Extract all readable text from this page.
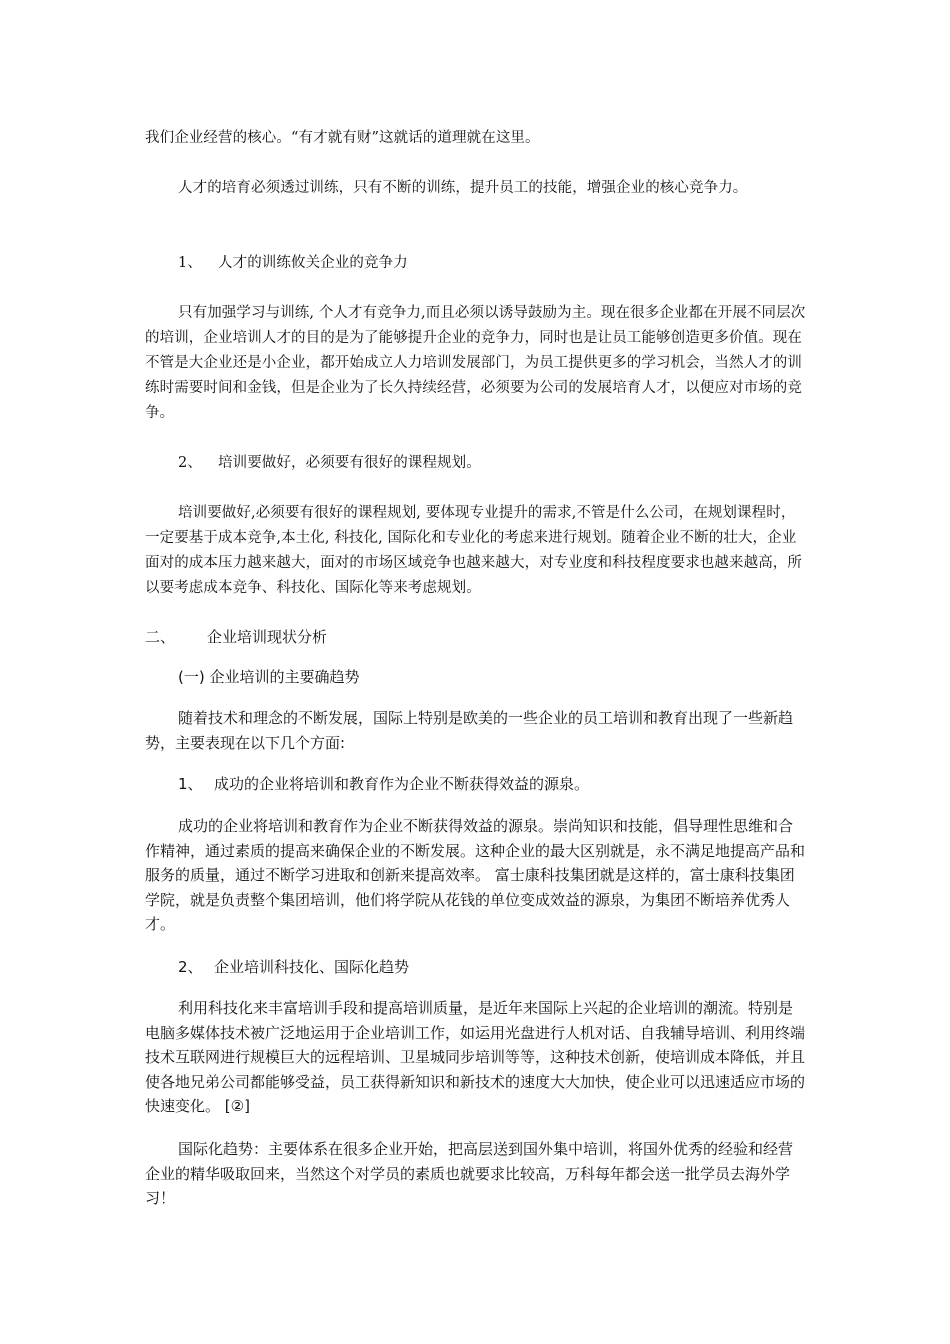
我们企业经营的核心。“有才就有财”这就话的道理就在这里。

人才的培育必须透过训练，只有不断的训练，提升员工的技能，增强企业的核心竞争力。

1、 人才的训练攸关企业的竞争力

只有加强学习与训练, 个人才有竞争力,而且必须以诱导鼓励为主。现在很多企业都在开展不同层次的培训，企业培训人才的目的是为了能够提升企业的竞争力，同时也是让员工能够创造更多价值。现在不管是大企业还是小企业，都开始成立人力培训发展部门，为员工提供更多的学习机会，当然人才的训练时需要时间和金钱，但是企业为了长久持续经营，必须要为公司的发展培育人才，以便应对市场的竞争。

2、 培训要做好，必须要有很好的课程规划。

培训要做好,必须要有很好的课程规划, 要体现专业提升的需求,不管是什么公司，在规划课程时，一定要基于成本竞争,本土化, 科技化, 国际化和专业化的考虑来进行规划。随着企业不断的壮大，企业面对的成本压力越来越大，面对的市场区域竞争也越来越大，对专业度和科技程度要求也越来越高，所以要考虑成本竞争、科技化、国际化等来考虑规划。

二、 企业培训现状分析

(一) 企业培训的主要确趋势

随着技术和理念的不断发展，国际上特别是欧美的一些企业的员工培训和教育出现了一些新趋势，主要表现在以下几个方面:

1、 成功的企业将培训和教育作为企业不断获得效益的源泉。

成功的企业将培训和教育作为企业不断获得效益的源泉。崇尚知识和技能，倡导理性思维和合作精神，通过素质的提高来确保企业的不断发展。这种企业的最大区别就是，永不满足地提高产品和服务的质量，通过不断学习进取和创新来提高效率。 富士康科技集团就是这样的，富士康科技集团学院，就是负责整个集团培训，他们将学院从花钱的单位变成效益的源泉，为集团不断培养优秀人才。

2、 企业培训科技化、国际化趋势

利用科技化来丰富培训手段和提高培训质量，是近年来国际上兴起的企业培训的潮流。特别是电脑多媒体技术被广泛地运用于企业培训工作，如运用光盘进行人机对话、自我辅导培训、利用终端技术互联网进行规模巨大的远程培训、卫星城同步培训等等，这种技术创新，使培训成本降低，并且使各地兄弟公司都能够受益，员工获得新知识和新技术的速度大大加快，使企业可以迅速适应市场的快速变化。 [②]

国际化趋势：主要体系在很多企业开始，把高层送到国外集中培训，将国外优秀的经验和经营企业的精华吸取回来，当然这个对学员的素质也就要求比较高，万科每年都会送一批学员去海外学习！
